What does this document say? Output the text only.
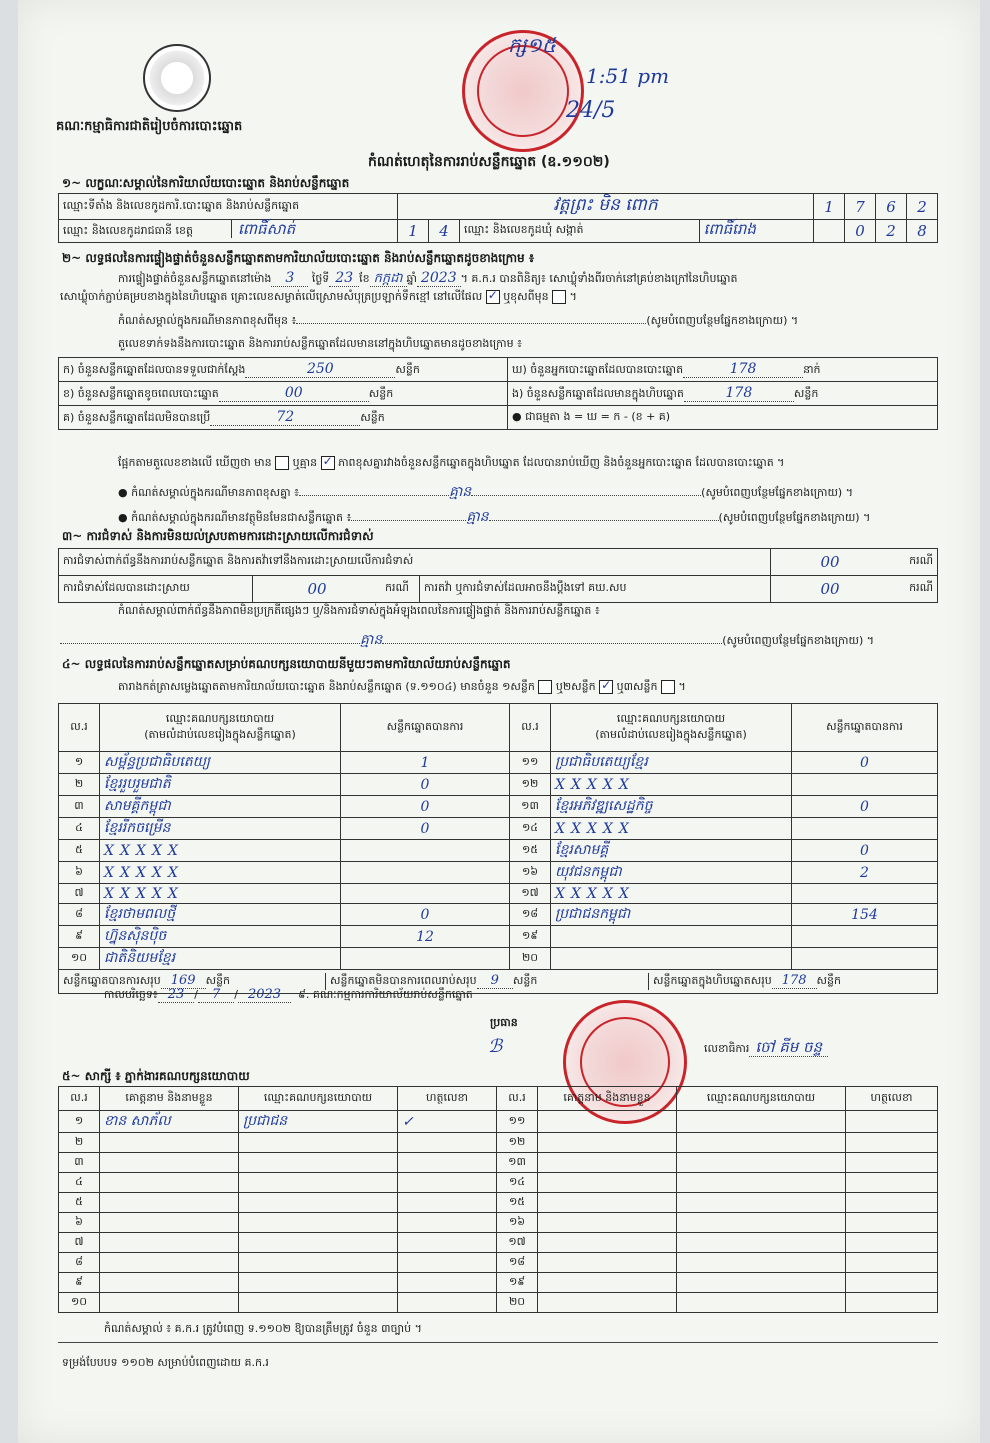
គណៈកម្មាធិការជាតិរៀបចំការបោះឆ្នោត
ក្ស១៥
1:51 pm
24/5
កំណត់ហេតុនៃការរាប់សន្លឹកឆ្នោត (ឧ.១១០២)
១~ លក្ខណៈសម្គាល់នៃការិយាល័យបោះឆ្នោត និងរាប់សន្លឹកឆ្នោត
ឈ្មោះទីតាំង និងលេខកូដការិ.បោះឆ្នោត និងរាប់សន្លឹកឆ្នោត	វត្តព្រះ មិន ពោក				1	7	6	2
ឈ្មោះ និងលេខកូដរាជធានី ខេត្ត ពោធិ៍សាត់	1	4	ឈ្មោះ និងលេខកូដឃុំ សង្កាត់	ពោធិ៍រោង		0	2	8
២~ លទ្ធផលនៃការផ្ទៀងផ្ទាត់ចំនួនសន្លឹកឆ្នោតតាមការិយាល័យបោះឆ្នោត និងរាប់សន្លឹកឆ្នោតដូចខាងក្រោម ៖
ការផ្ទៀងផ្ទាត់ចំនួនសន្លឹកឆ្នោតនៅម៉ោង 3 ថ្ងៃទី 23 ខែ កក្កដា ឆ្នាំ 2023 ។ គ.ក.រ បានពិនិត្យ៖ សោឃ្លុំទាំងពីរចាក់នៅគ្រប់ខាងក្រៅនៃហិបឆ្នោត
សោឃ្លុំចាក់ភ្ជាប់គម្របខាងក្នុងនៃហិបឆ្នោត គ្រោះលេខសម្ងាត់លើស្រោមសំបុត្រប្រឡាក់ទឹកខ្មៅ នៅលើផែល ✓ ឬខុសពីមុន  ។
កំណត់សម្គាល់ក្នុងករណីមានភាពខុសពីមុន ៖	(សូមបំពេញបន្ថែមផ្នែកខាងក្រោយ) ។
តួលេខទាក់ទងនឹងការបោះឆ្នោត និងការរាប់សន្លឹកឆ្នោតដែលមាននៅក្នុងហិបឆ្នោតមានដូចខាងក្រោម ៖
ក) ចំនួនសន្លឹកឆ្នោតដែលបានទទួលជាក់ស្តែង 250 សន្លឹក	ឃ) ចំនួនអ្នកបោះឆ្នោតដែលបានបោះឆ្នោត 178 នាក់
ខ) ចំនួនសន្លឹកឆ្នោតខូចពេលបោះឆ្នោត 00 សន្លឹក	ង) ចំនួនសន្លឹកឆ្នោតដែលមានក្នុងហិបឆ្នោត 178 សន្លឹក
គ) ចំនួនសន្លឹកឆ្នោតដែលមិនបានប្រើ 72 សន្លឹក	● ជាធម្មតា ង = ឃ = ក - (ខ + គ)
ផ្អែកតាមតួលេខខាងលើ ឃើញថា មាន ឬគ្មាន ✓ ភាពខុសគ្នារវាងចំនួនសន្លឹកឆ្នោតក្នុងហិបឆ្នោត ដែលបានរាប់ឃើញ និងចំនួនអ្នកបោះឆ្នោត ដែលបានបោះឆ្នោត ។
● កំណត់សម្គាល់ក្នុងករណីមានភាពខុសគ្នា ៖	គ្មាន	(សូមបំពេញបន្ថែមផ្នែកខាងក្រោយ) ។
● កំណត់សម្គាល់ក្នុងករណីមានវត្ថុមិនមែនជាសន្លឹកឆ្នោត ៖	គ្មាន	(សូមបំពេញបន្ថែមផ្នែកខាងក្រោយ) ។
៣~ ការជំទាស់ និងការមិនយល់ស្របតាមការដោះស្រាយលើការជំទាស់
ការជំទាស់ពាក់ព័ន្ធនឹងការរាប់សន្លឹកឆ្នោត និងការតវ៉ាទៅនឹងការដោះស្រាយលើការជំទាស់				00	ករណី
ការជំទាស់ដែលបានដោះស្រាយ	00	ករណី	ការតវ៉ា ឬការជំទាស់ដែលអាចនឹងប្តឹងទៅ គឃ.សប	00	ករណី
កំណត់សម្គាល់ពាក់ព័ន្ធនឹងភាពមិនប្រក្រតីផ្សេងៗ ឬ/និងការជំទាស់ក្នុងអំឡុងពេលនៃការផ្ទៀងផ្ទាត់ និងការរាប់សន្លឹកឆ្នោត ៖
គ្មាន	(សូមបំពេញបន្ថែមផ្នែកខាងក្រោយ) ។
៤~ លទ្ធផលនៃការរាប់សន្លឹកឆ្នោតសម្រាប់គណបក្សនយោបាយនីមួយៗតាមការិយាល័យរាប់សន្លឹកឆ្នោត
តារាងកត់ត្រាសម្លេងឆ្នោតតាមការិយាល័យបោះឆ្នោត និងរាប់សន្លឹកឆ្នោត (ទ.១១០៤) មានចំនួន ១សន្លឹក ឬ២សន្លឹក ✓ ឬ៣សន្លឹក  ។
ល.រ	ឈ្មោះគណបក្សនយោបាយ
(តាមលំដាប់លេខរៀងក្នុងសន្លឹកឆ្នោត)	សន្លឹកឆ្នោតបានការ	ល.រ	ឈ្មោះគណបក្សនយោបាយ
(តាមលំដាប់លេខរៀងក្នុងសន្លឹកឆ្នោត)	សន្លឹកឆ្នោតបានការ
១	សម្ព័ន្ធប្រជាធិបតេយ្យ	1	១១	ប្រជាធិបតេយ្យខ្មែរ	0
២	ខ្មែររួបរួមជាតិ	0	១២	XXXXX	
៣	សាមគ្គីកម្ពុជា	0	១៣	ខ្មែរអភិវឌ្ឍសេដ្ឋកិច្ច	0
៤	ខ្មែររីកចម្រើន	0	១៤	XXXXX	
៥	XXXXX		១៥	ខ្មែរសាមគ្គី	0
៦	XXXXX		១៦	យុវជនកម្ពុជា	2
៧	XXXXX		១៧	XXXXX	
៨	ខ្មែរថាមពលថ្មី	0	១៨	ប្រជាជនកម្ពុជា	154
៩	ហ្វ៊ុនស៊ិនប៉ិច	12	១៩		
១០	ជាតិនិយមខ្មែរ		២០		

សន្លឹកឆ្នោតបានការសរុប 169 សន្លឹក សន្លឹកឆ្នោតមិនបានការពេលរាប់សរុប 9 សន្លឹក សន្លឹកឆ្នោតក្នុងហិបឆ្នោតសរុប 178 សន្លឹក					
កាលបរិច្ឆេទ៖ 23 / 7 / 2023 ៩. គណៈកម្មការការិយាល័យរាប់សន្លឹកឆ្នោត
ប្រធាន
ℬ	លេខាធិការ ចៅ គីម ចន្ទ
៥~ សាក្សី ៖ ភ្នាក់ងារគណបក្សនយោបាយ
ល.រ	គោត្តនាម និងនាមខ្លួន	ឈ្មោះគណបក្សនយោបាយ	ហត្ថលេខា	ល.រ	គោត្តនាម និងនាមខ្លួន	ឈ្មោះគណបក្សនយោបាយ	ហត្ថលេខា
១	ខាន សាភ័ល	ប្រជាជន	✓	១១			
២				១២			
៣				១៣			
៤				១៤			
៥				១៥			
៦				១៦			
៧				១៧			
៨				១៨			
៩				១៩			
១០				២០			
កំណត់សម្គាល់ ៖ គ.ក.រ ត្រូវបំពេញ ទ.១១០២ ឱ្យបានត្រឹមត្រូវ ចំនួន ៣ច្បាប់ ។
ទម្រង់បែបបទ ១១០២ សម្រាប់បំពេញដោយ គ.ក.រ
